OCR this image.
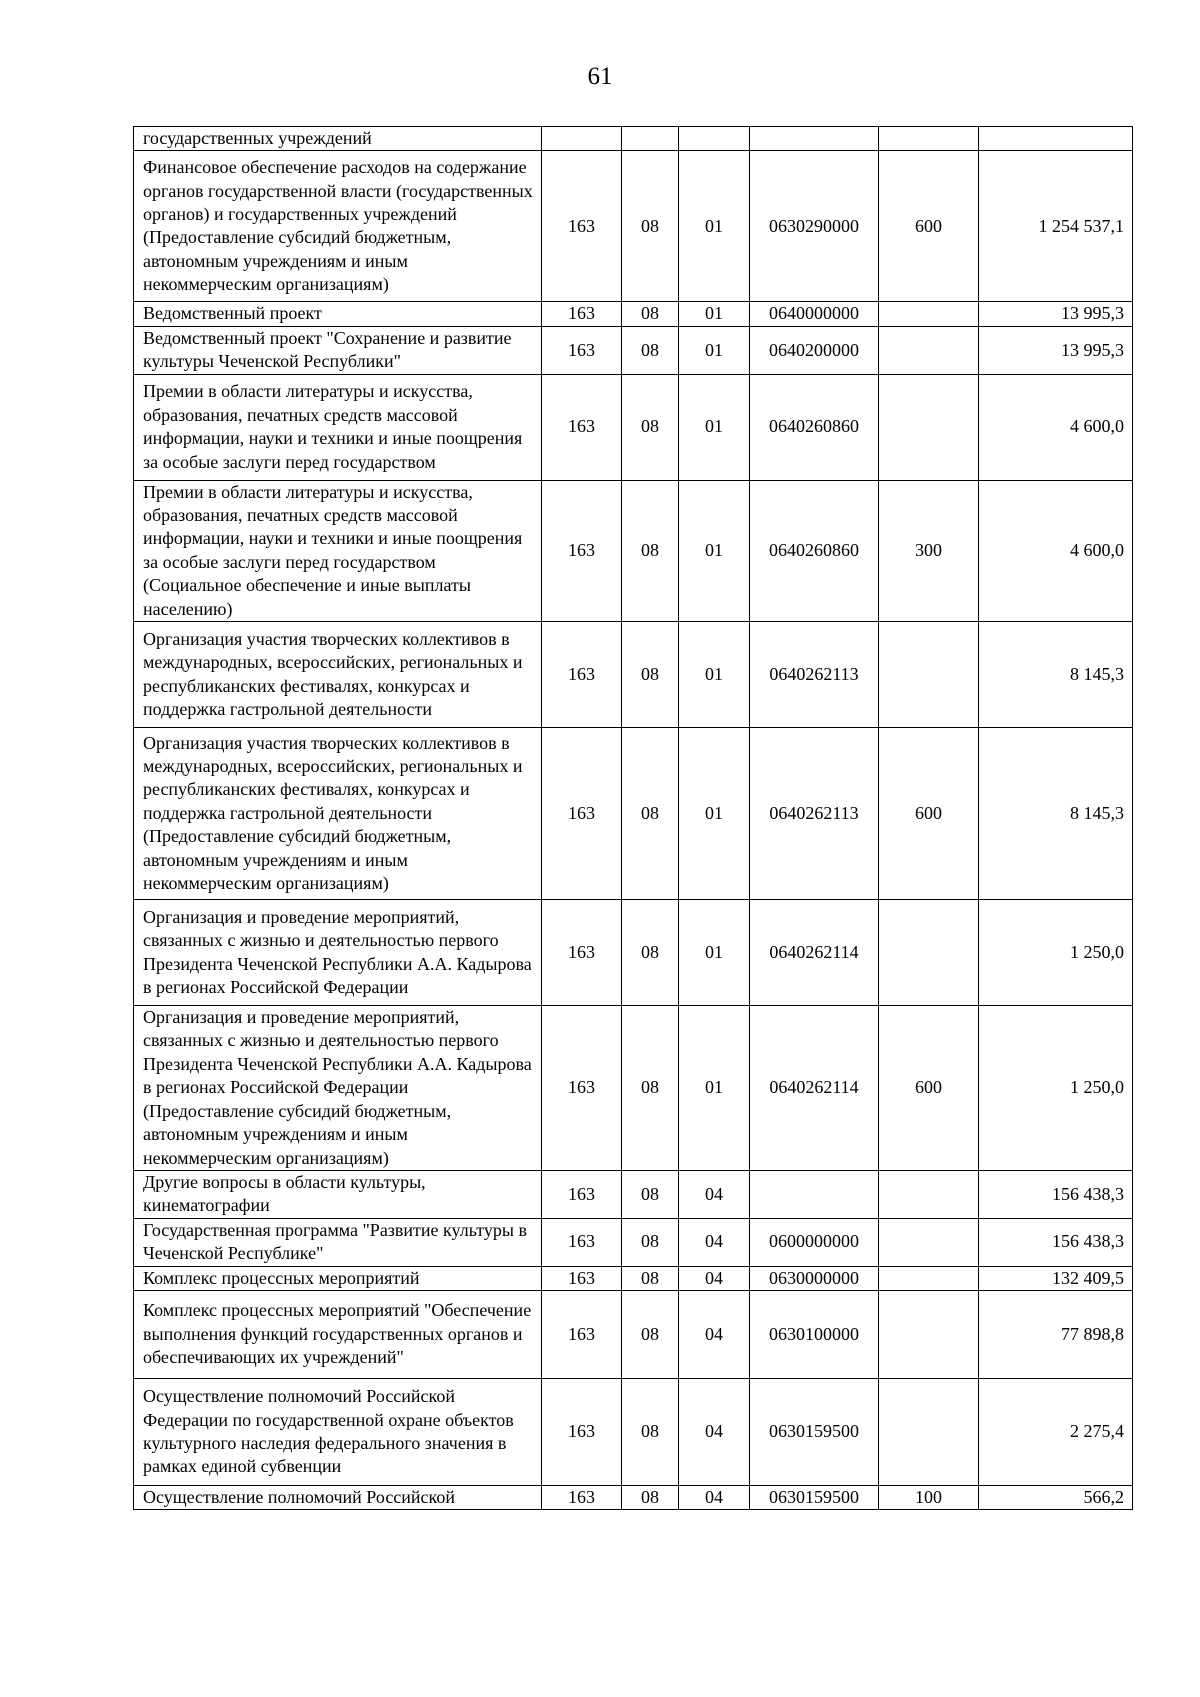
61
государственных учреждений						
Финансовое обеспечение расходов на содержание органов государственной власти (государственных органов) и государственных учреждений (Предоставление субсидий бюджетным, автономным учреждениям и иным некоммерческим организациям)	163	08	01	0630290000	600	1 254 537,1
Ведомственный проект	163	08	01	0640000000		13 995,3
Ведомственный проект "Сохранение и развитие культуры Чеченской Республики"	163	08	01	0640200000		13 995,3
Премии в области литературы и искусства, образования, печатных средств массовой информации, науки и техники и иные поощрения за особые заслуги перед государством	163	08	01	0640260860		4 600,0
Премии в области литературы и искусства, образования, печатных средств массовой информации, науки и техники и иные поощрения за особые заслуги перед государством (Социальное обеспечение и иные выплаты населению)	163	08	01	0640260860	300	4 600,0
Организация участия творческих коллективов в международных, всероссийских, региональных и республиканских фестивалях, конкурсах и поддержка гастрольной деятельности	163	08	01	0640262113		8 145,3
Организация участия творческих коллективов в международных, всероссийских, региональных и республиканских фестивалях, конкурсах и поддержка гастрольной деятельности (Предоставление субсидий бюджетным, автономным учреждениям и иным некоммерческим организациям)	163	08	01	0640262113	600	8 145,3
Организация и проведение мероприятий, связанных с жизнью и деятельностью первого Президента Чеченской Республики А.А. Кадырова в регионах Российской Федерации	163	08	01	0640262114		1 250,0
Организация и проведение мероприятий, связанных с жизнью и деятельностью первого Президента Чеченской Республики А.А. Кадырова в регионах Российской Федерации (Предоставление субсидий бюджетным, автономным учреждениям и иным некоммерческим организациям)	163	08	01	0640262114	600	1 250,0
Другие вопросы в области культуры, кинематографии	163	08	04			156 438,3
Государственная программа "Развитие культуры в Чеченской Республике"	163	08	04	0600000000		156 438,3
Комплекс процессных мероприятий	163	08	04	0630000000		132 409,5
Комплекс процессных мероприятий "Обеспечение выполнения функций государственных органов и обеспечивающих их учреждений"	163	08	04	0630100000		77 898,8
Осуществление полномочий Российской Федерации по государственной охране объектов культурного наследия федерального значения в рамках единой субвенции	163	08	04	0630159500		2 275,4
Осуществление полномочий Российской	163	08	04	0630159500	100	566,2
